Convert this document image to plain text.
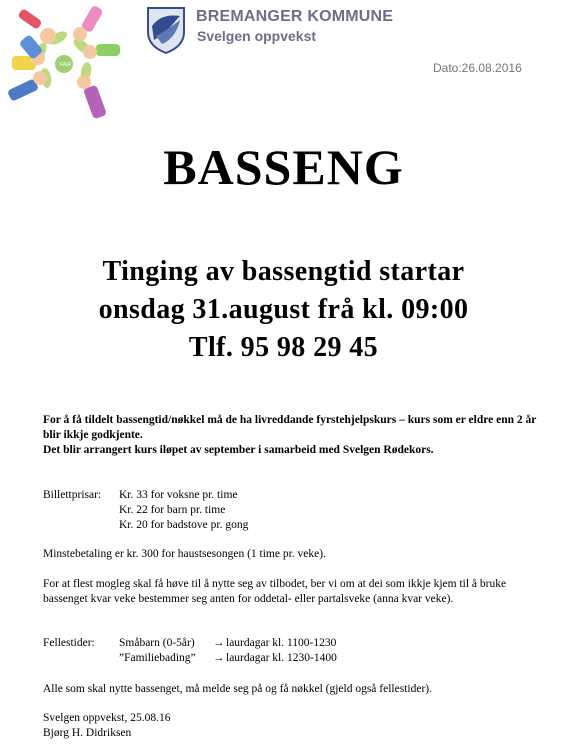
FAIR
BREMANGER KOMMUNE
Svelgen oppvekst
Dato:26.08.2016
BASSENG
Tinging av bassengtid startar
onsdag 31.august frå kl. 09:00
Tlf. 95 98 29 45
For å få tildelt bassengtid/nøkkel må de ha livreddande fyrstehjelpskurs – kurs som er eldre enn 2 år blir ikkje godkjente.
Det blir arrangert kurs iløpet av september i samarbeid med Svelgen Rødekors.
Billettprisar: Kr. 33 for voksne pr. time
Kr. 22 for barn pr. time
Kr. 20 for badstove pr. gong
Minstebetaling er kr. 300 for haustsesongen (1 time pr. veke).
For at flest mogleg skal få høve til å nytte seg av tilbodet, ber vi om at dei som ikkje kjem til å bruke bassenget kvar veke bestemmer seg anten for oddetal- eller partalsveke (anna kvar veke).
Fellestider: Småbarn (0-5år) → laurdagar kl. 1100-1230
”Familiebading” → laurdagar kl. 1230-1400
Alle som skal nytte bassenget, må melde seg på og få nøkkel (gjeld også fellestider).
Svelgen oppvekst, 25.08.16
Bjørg H. Didriksen
